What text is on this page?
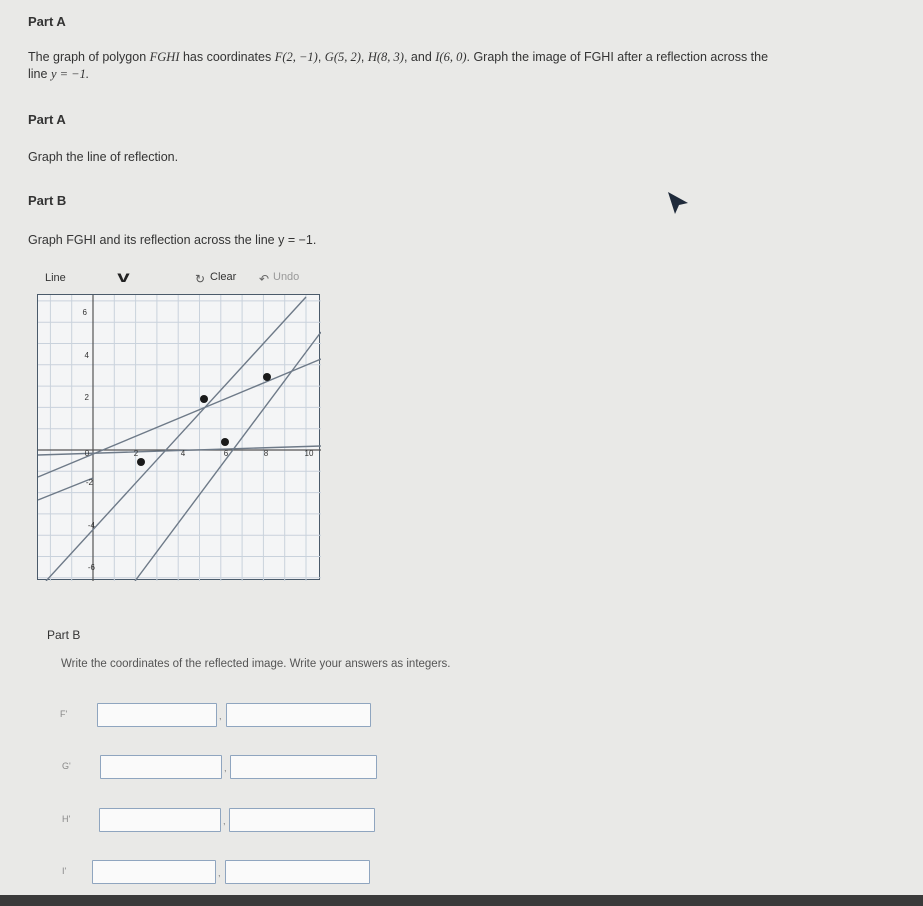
Part A
The graph of polygon FGHI has coordinates F(2, −1), G(5, 2), H(8, 3), and I(6, 0). Graph the image of FGHI after a reflection across the
line y = −1.
Part A
Graph the line of reflection.
Part B
Graph FGHI and its reflection across the line y = −1.
Line	v	↻ Clear ↶ Undo
0	2	4	6	8	10
6
4
2
-2
-4
-6
Part B
Write the coordinates of the reflected image. Write your answers as integers.
F'	,
G'	,
H'	,
I'	,
